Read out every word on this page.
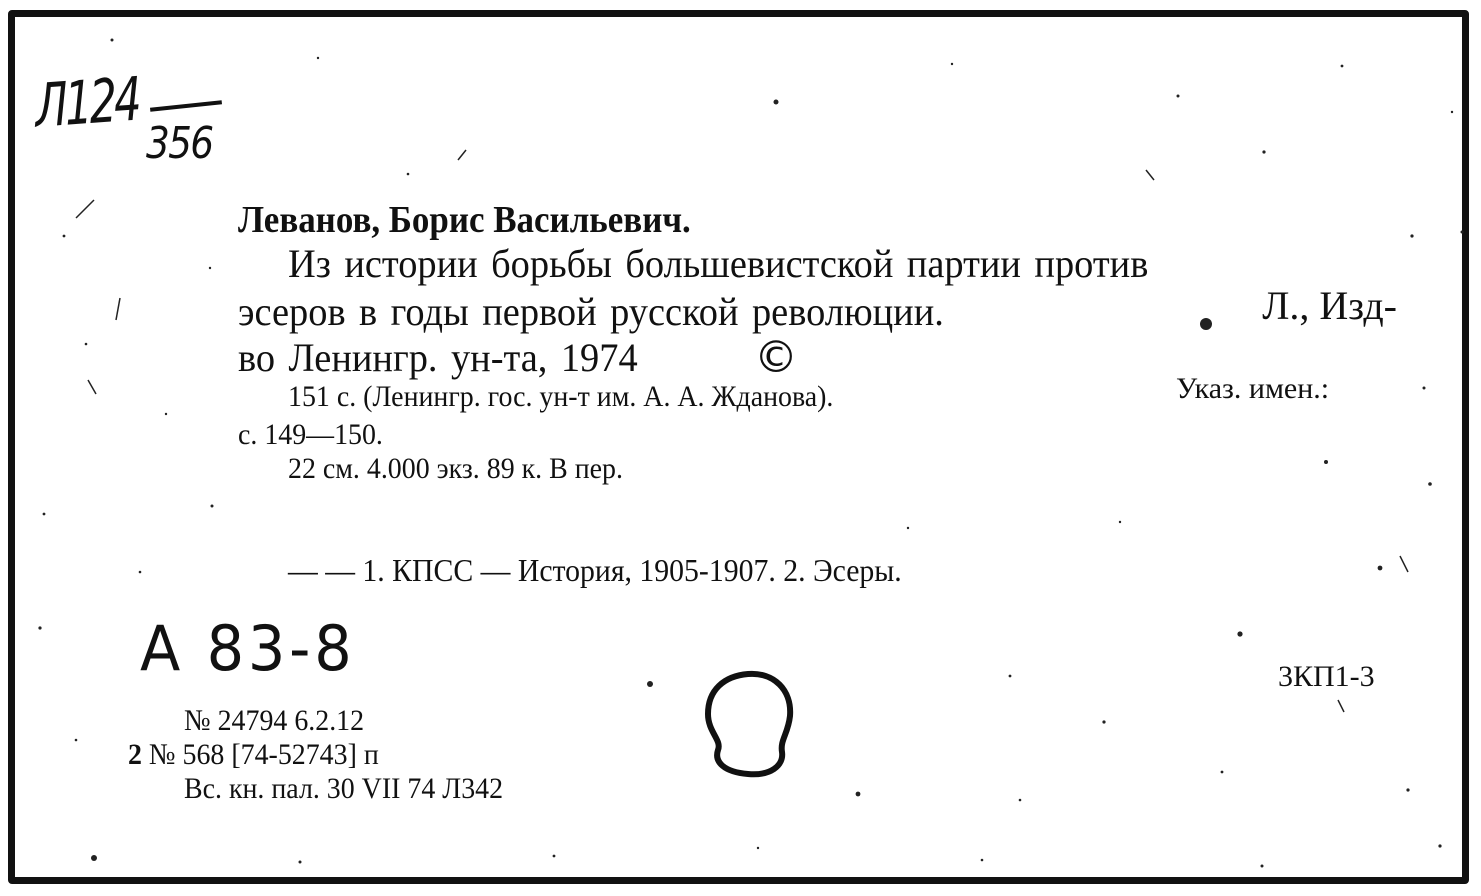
Л124
356
Леванов, Борис Васильевич.
Из истории борьбы большевистской партии против
эсеров в годы первой русской революции.	Л., Изд-
во Ленингр. ун-та, 1974	©
151 с. (Ленингр. гос. ун-т им. А. А. Жданова).	Указ. имен.:
с. 149—150.
22 см. 4.000 экз. 89 к. В пер.
— — 1. КПСС — История, 1905-1907. 2. Эсеры.
А 83-8	3КП1-3
№ 24794 6.2.12
2 № 568 [74-52743] п
Вс. кн. пал. 30 VII 74 Л342
